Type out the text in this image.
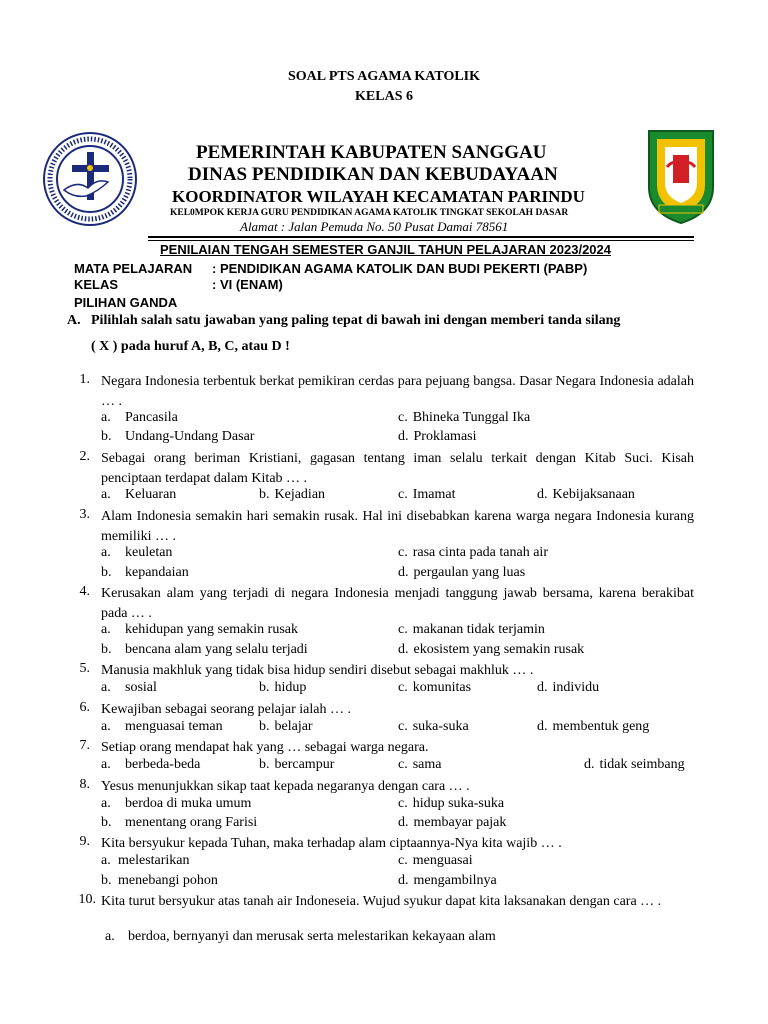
SOAL PTS AGAMA KATOLIK
KELAS 6
PEMERINTAH KABUPATEN SANGGAU
DINAS PENDIDIKAN DAN KEBUDAYAAN
KOORDINATOR WILAYAH KECAMATAN PARINDU
KEL0MPOK KERJA GURU PENDIDIKAN AGAMA KATOLIK TINGKAT SEKOLAH DASAR
Alamat : Jalan Pemuda No. 50 Pusat Damai 78561
PENILAIAN TENGAH SEMESTER GANJIL TAHUN PELAJARAN 2023/2024
MATA PELAJARAN : PENDIDIKAN AGAMA KATOLIK DAN BUDI PEKERTI (PABP)
KELAS	: VI (ENAM)
PILIHAN GANDA
A. Pilihlah salah satu jawaban yang paling tepat di bawah ini dengan memberi tanda silang
( X ) pada huruf A, B, C, atau D !
1. Negara Indonesia terbentuk berkat pemikiran cerdas para pejuang bangsa. Dasar Negara Indonesia adalah … .
a. Pancasila	c. Bhineka Tunggal Ika
b. Undang-Undang Dasar	d. Proklamasi
2. Sebagai orang beriman Kristiani, gagasan tentang iman selalu terkait dengan Kitab Suci. Kisah penciptaan terdapat dalam Kitab … .
a. Keluaran	b. Kejadian	c. Imamat	d. Kebijaksanaan
3. Alam Indonesia semakin hari semakin rusak. Hal ini disebabkan karena warga negara Indonesia kurang memiliki … .
a. keuletan	c. rasa cinta pada tanah air
b. kepandaian	d. pergaulan yang luas
4. Kerusakan alam yang terjadi di negara Indonesia menjadi tanggung jawab bersama, karena berakibat pada … .
a. kehidupan yang semakin rusak	c. makanan tidak terjamin
b. bencana alam yang selalu terjadi	d. ekosistem yang semakin rusak
5. Manusia makhluk yang tidak bisa hidup sendiri disebut sebagai makhluk … .
a. sosial	b. hidup	c. komunitas	d. individu
6. Kewajiban sebagai seorang pelajar ialah … .
a. menguasai teman	b. belajar	c. suka-suka	d. membentuk geng
7. Setiap orang mendapat hak yang … sebagai warga negara.
a. berbeda-beda	b. bercampur	c. sama	d. tidak seimbang
8. Yesus menunjukkan sikap taat kepada negaranya dengan cara … .
a. berdoa di muka umum	c. hidup suka-suka
b. menentang orang Farisi	d. membayar pajak
9. Kita bersyukur kepada Tuhan, maka terhadap alam ciptaannya-Nya kita wajib … .
a. melestarikan	c. menguasai
b. menebangi pohon	d. mengambilnya
10. Kita turut bersyukur atas tanah air Indoneseia. Wujud syukur dapat kita laksanakan dengan cara … .
a. berdoa, bernyanyi dan merusak serta melestarikan kekayaan alam
